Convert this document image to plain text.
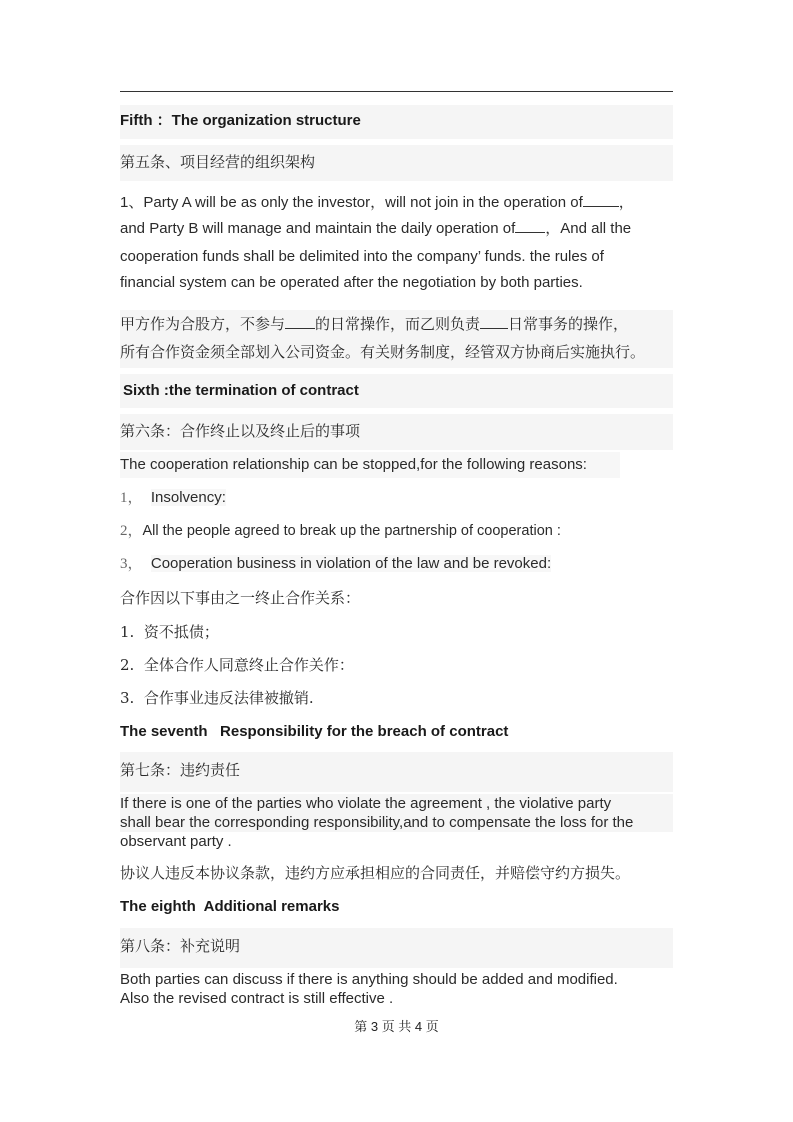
Fifth ：The organization structure
第五条、项目经营的组织架构
1、Party A will be as only the investor，will not join in the operation of ，
and Party B will manage and maintain the daily operation of ，And all the
cooperation funds shall be delimited into the company’ funds. the rules of
financial system can be operated after the negotiation by both parties.
甲方作为合股方，不参与 的日常操作，而乙则负责 日常事务的操作，
所有合作资金须全部划入公司资金。有关财务制度，经管双方协商后实施执行。
Sixth :the termination of contract
第六条：合作终止以及终止后的事项
The cooperation relationship can be stopped,for the following reasons:
1， Insolvency:
2，All the people agreed to break up the partnership of cooperation :
3， Cooperation business in violation of the law and be revoked:
合作因以下事由之一终止合作关系：
1. 资不抵债；
2. 全体合作人同意终止合作关作：
3. 合作事业违反法律被撤销.
The seventh   Responsibility for the breach of contract
第七条：违约责任
If there is one of the parties who violate the agreement , the violative party
shall bear the corresponding responsibility,and to compensate the loss for the
observant party .
协议人违反本协议条款，违约方应承担相应的合同责任，并赔偿守约方损失。
The eighth  Additional remarks
第八条：补充说明
Both parties can discuss if there is anything should be added and modified.
Also the revised contract is still effective .
第 3 页 共 4 页
